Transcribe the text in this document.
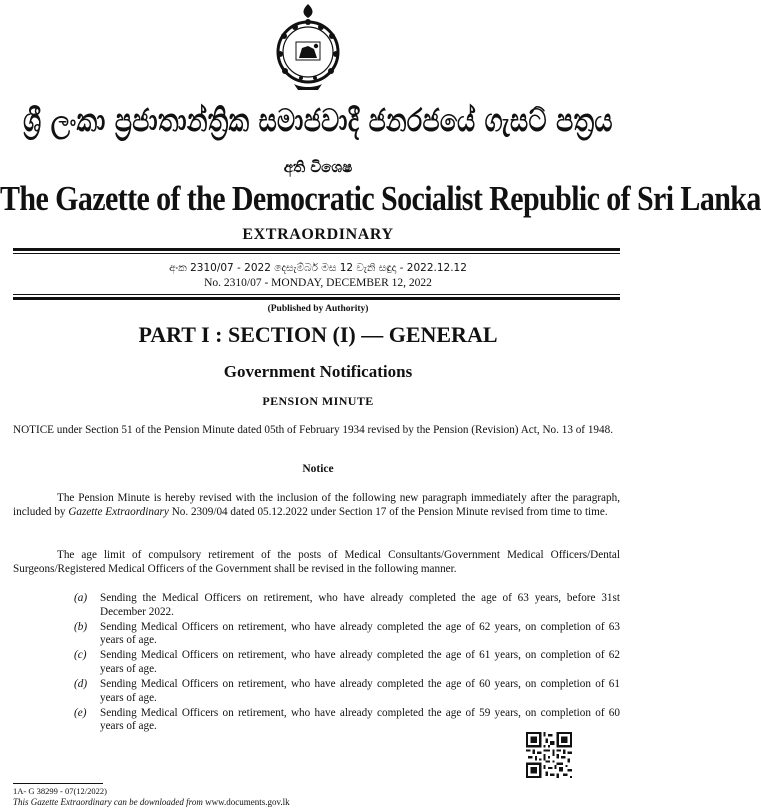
ශ්‍රී ලංකා ප්‍රජාතාන්ත්‍රික සමාජවාදී ජනරජයේ ගැසට් පත්‍රය
අති විශෙෂ
The Gazette of the Democratic Socialist Republic of Sri Lanka
EXTRAORDINARY
අංක 2310/07 - 2022 දෙසැම්බර් මස 12 වැනි සඳුදා - 2022.12.12
No. 2310/07 - MONDAY, DECEMBER 12, 2022
(Published by Authority)
PART I : SECTION (I) — GENERAL
Government Notifications
PENSION MINUTE
NOTICE under Section 51 of the Pension Minute dated 05th of February 1934 revised by the Pension (Revision) Act, No. 13 of 1948.
Notice
The Pension Minute is hereby revised with the inclusion of the following new paragraph immediately after the paragraph, included by Gazette Extraordinary No. 2309/04 dated 05.12.2022 under Section 17 of the Pension Minute revised from time to time.
The age limit of compulsory retirement of the posts of Medical Consultants/Government Medical Officers/Dental Surgeons/Registered Medical Officers of the Government shall be revised in the following manner.
(a)	Sending the Medical Officers on retirement, who have already completed the age of 63 years, before 31st December 2022.
(b)	Sending Medical Officers on retirement, who have already completed the age of 62 years, on completion of 63 years of age.
(c)	Sending Medical Officers on retirement, who have already completed the age of 61 years, on completion of 62 years of age.
(d)	Sending Medical Officers on retirement, who have already completed the age of 60 years, on completion of 61 years of age.
(e)	Sending Medical Officers on retirement, who have already completed the age of 59 years, on completion of 60 years of age.
1A- G 38299 - 07(12/2022)
This Gazette Extraordinary can be downloaded from www.documents.gov.lk
